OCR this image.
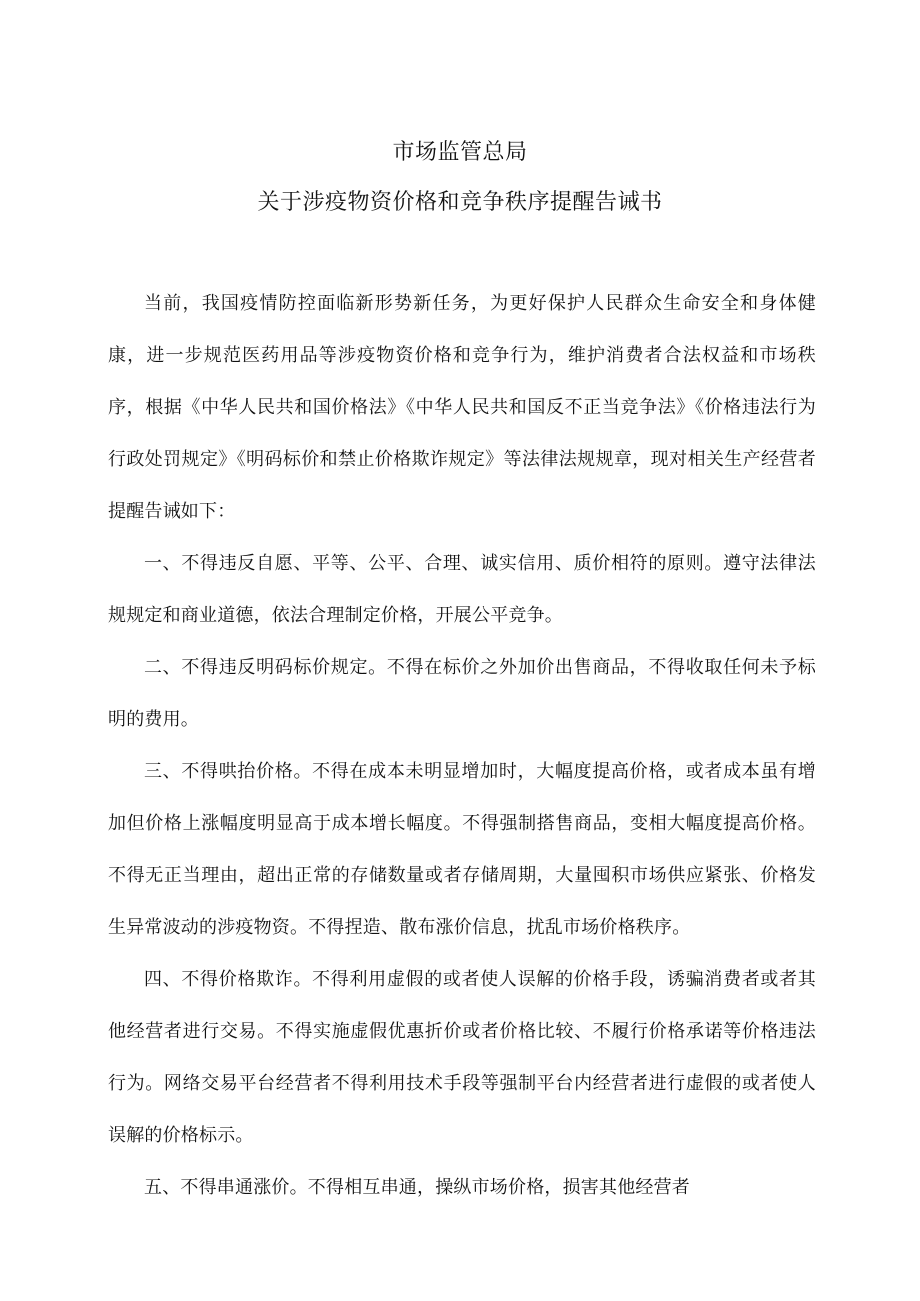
市场监管总局
关于涉疫物资价格和竞争秩序提醒告诫书

当前，我国疫情防控面临新形势新任务，为更好保护人民群众生命安全和身体健康，进一步规范医药用品等涉疫物资价格和竞争行为，维护消费者合法权益和市场秩序，根据《中华人民共和国价格法》《中华人民共和国反不正当竞争法》《价格违法行为行政处罚规定》《明码标价和禁止价格欺诈规定》等法律法规规章，现对相关生产经营者提醒告诫如下：

一、不得违反自愿、平等、公平、合理、诚实信用、质价相符的原则。遵守法律法规规定和商业道德，依法合理制定价格，开展公平竞争。

二、不得违反明码标价规定。不得在标价之外加价出售商品，不得收取任何未予标明的费用。

三、不得哄抬价格。不得在成本未明显增加时，大幅度提高价格，或者成本虽有增加但价格上涨幅度明显高于成本增长幅度。不得强制搭售商品，变相大幅度提高价格。不得无正当理由，超出正常的存储数量或者存储周期，大量囤积市场供应紧张、价格发生异常波动的涉疫物资。不得捏造、散布涨价信息，扰乱市场价格秩序。

四、不得价格欺诈。不得利用虚假的或者使人误解的价格手段，诱骗消费者或者其他经营者进行交易。不得实施虚假优惠折价或者价格比较、不履行价格承诺等价格违法行为。网络交易平台经营者不得利用技术手段等强制平台内经营者进行虚假的或者使人误解的价格标示。

五、不得串通涨价。不得相互串通，操纵市场价格，损害其他经营者
